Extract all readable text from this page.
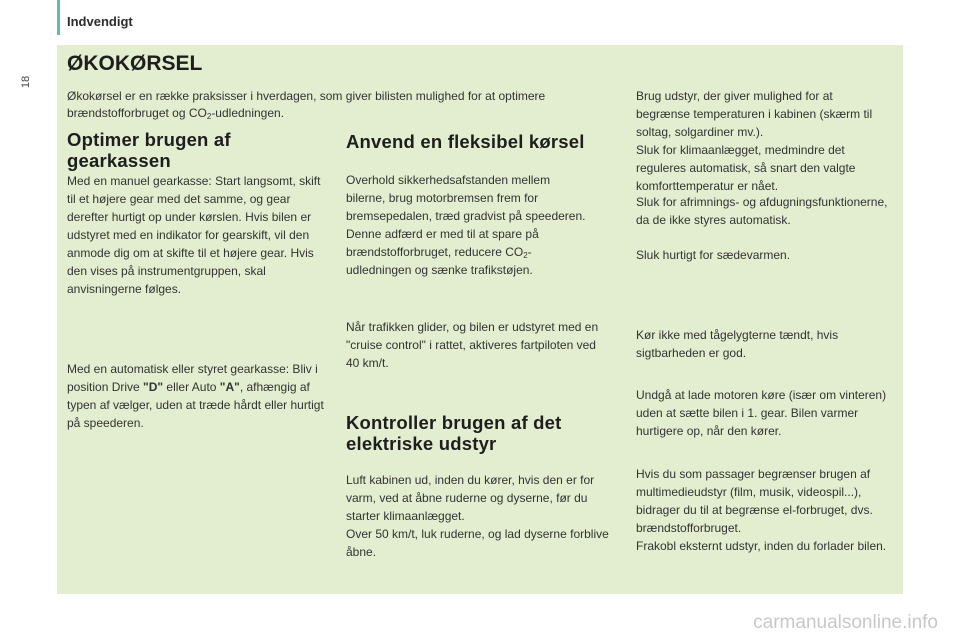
Indvendigt
18
ØKOKØRSEL
Økokørsel er en række praksisser i hverdagen, som giver bilisten mulighed for at optimere brændstofforbruget og $CO_2$-udledningen.
Optimer brugen af gearkassen

Med en manuel gearkasse: Start langsomt, skift til et højere gear med det samme, og gear derefter hurtigt op under kørslen. Hvis bilen er udstyret med en indikator for gearskift, vil den anmode dig om at skifte til et højere gear. Hvis den vises på instrumentgruppen, skal anvisningerne følges.

Med en automatisk eller styret gearkasse: Bliv i position Drive "D" eller Auto "A", afhængig af typen af vælger, uden at træde hårdt eller hurtigt på speederen.

Anvend en fleksibel kørsel

Overhold sikkerhedsafstanden mellem bilerne, brug motorbremsen frem for bremsepedalen, træd gradvist på speederen. Denne adfærd er med til at spare på brændstofforbruget, reducere $CO_2$-udledningen og sænke trafikstøjen.

Når trafikken glider, og bilen er udstyret med en "cruise control" i rattet, aktiveres fartpiloten ved 40 km/t.

Kontroller brugen af det elektriske udstyr

Luft kabinen ud, inden du kører, hvis den er for varm, ved at åbne ruderne og dyserne, før du starter klimaanlægget.

Over 50 km/t, luk ruderne, og lad dyserne forblive åbne.

Brug udstyr, der giver mulighed for at begrænse temperaturen i kabinen (skærm til soltag, solgardiner mv.).

Sluk for klimaanlægget, medmindre det reguleres automatisk, så snart den valgte komforttemperatur er nået.

Sluk for afrimnings- og afdugningsfunktionerne, da de ikke styres automatisk.

Sluk hurtigt for sædevarmen.

Kør ikke med tågelygterne tændt, hvis sigtbarheden er god.

Undgå at lade motoren køre (især om vinteren) uden at sætte bilen i 1. gear. Bilen varmer hurtigere op, når den kører.

Hvis du som passager begrænser brugen af multimedieudstyr (film, musik, videospil...), bidrager du til at begrænse el-forbruget, dvs. brændstofforbruget.

Frakobl eksternt udstyr, inden du forlader bilen.

carmanualsonline.info
